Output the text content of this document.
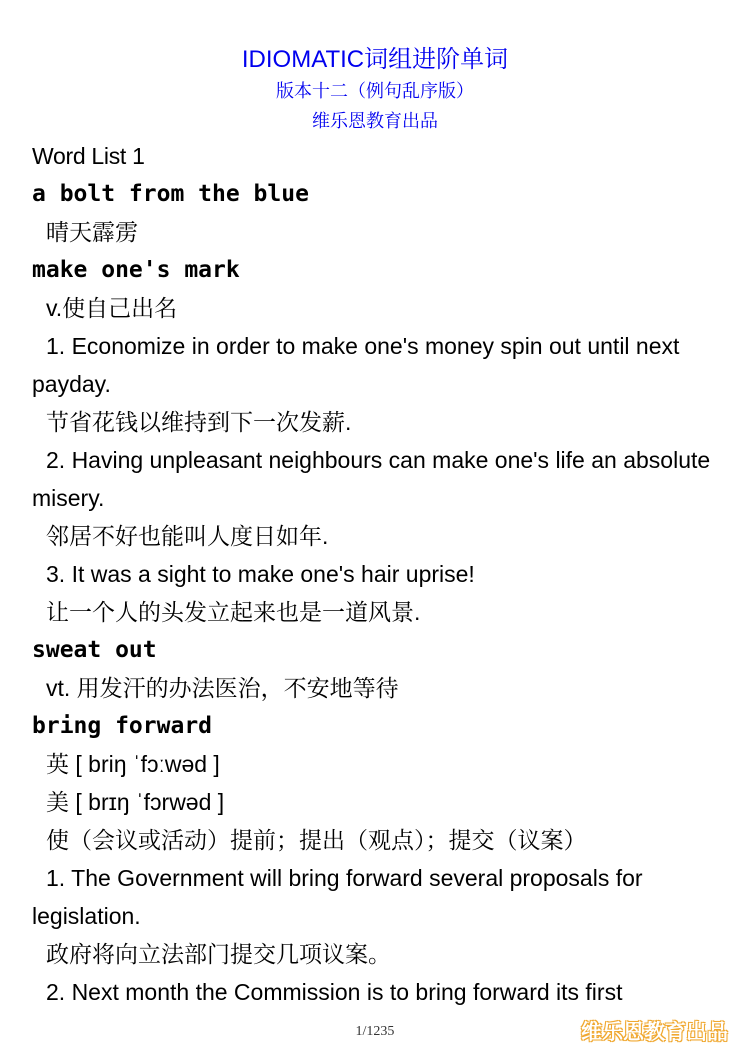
IDIOMATIC词组进阶单词
版本十二（例句乱序版）
维乐恩教育出品
Word List 1
a bolt from the blue
晴天霹雳
make one's mark
v.使自己出名
1. Economize in order to make one's money spin out until next payday.
节省花钱以维持到下一次发薪.
2. Having unpleasant neighbours can make one's life an absolute misery.
邻居不好也能叫人度日如年.
3. It was a sight to make one's hair uprise!
让一个人的头发立起来也是一道风景.
sweat out
vt. 用发汗的办法医治，不安地等待
bring forward
英 [ briŋ ˈfɔːwəd ]
美 [ brɪŋ ˈfɔrwəd ]
使（会议或活动）提前；提出（观点）；提交（议案）
1. The Government will bring forward several proposals for legislation.
政府将向立法部门提交几项议案。
2. Next month the Commission is to bring forward its first
1/1235	维乐恩教育出品
